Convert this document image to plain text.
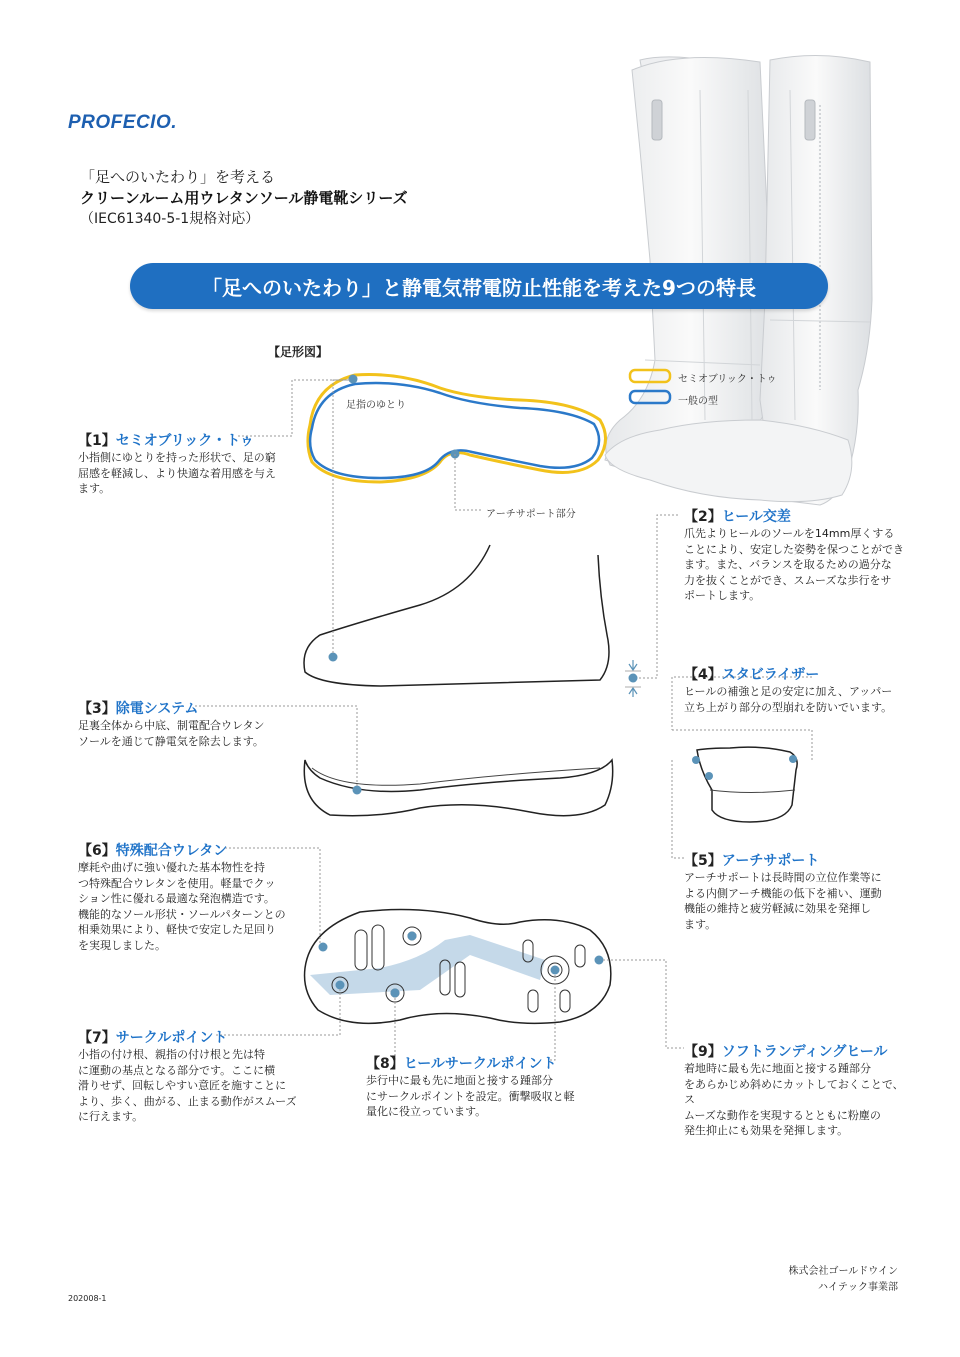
PROFECIO.
「足へのいたわり」を考える
クリーンルーム用ウレタンソール静電靴シリーズ
（IEC61340-5-1規格対応）
「足へのいたわり」と静電気帯電防止性能を考えた9つの特長
【足形図】
足指のゆとり
アーチサポート部分
セミオブリック・トゥ
一般の型
【1】セミオブリック・トゥ
小指側にゆとりを持った形状で、足の窮
屈感を軽減し、より快適な着用感を与え
ます。
【2】ヒール交差
爪先よりヒールのソールを14mm厚くする
ことにより、安定した姿勢を保つことができ
ます。また、バランスを取るための過分な
力を抜くことができ、スムーズな歩行をサ
ポートします。
【3】除電システム
足裏全体から中底、制電配合ウレタン
ソールを通じて静電気を除去します。
【4】スタビライザー
ヒールの補強と足の安定に加え、アッパー
立ち上がり部分の型崩れを防いでいます。
【5】アーチサポート
アーチサポートは長時間の立位作業等に
よる内側アーチ機能の低下を補い、運動
機能の維持と疲労軽減に効果を発揮し
ます。
【6】特殊配合ウレタン
摩耗や曲げに強い優れた基本物性を持
つ特殊配合ウレタンを使用。軽量でクッ
ション性に優れる最適な発泡構造です。
機能的なソール形状・ソールパターンとの
相乗効果により、軽快で安定した足回り
を実現しました。
【7】サークルポイント
小指の付け根、親指の付け根と先は特
に運動の基点となる部分です。ここに横
滑りせず、回転しやすい意匠を施すことに
より、歩く、曲がる、止まる動作がスムーズ
に行えます。
【8】ヒールサークルポイント
歩行中に最も先に地面と接する踵部分
にサークルポイントを設定。衝撃吸収と軽
量化に役立っています。
【9】ソフトランディングヒール
着地時に最も先に地面と接する踵部分
をあらかじめ斜めにカットしておくことで、ス
ムーズな動作を実現するとともに粉塵の
発生抑止にも効果を発揮します。
202008-1
株式会社ゴールドウイン
ハイテック事業部
